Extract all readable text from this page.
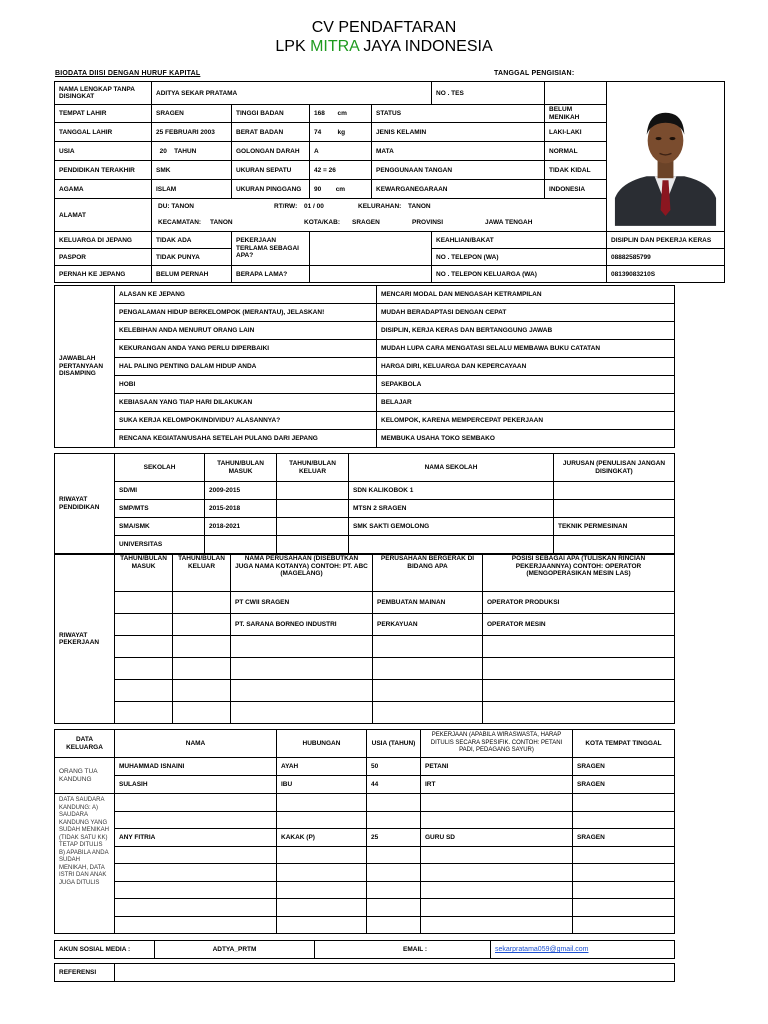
CV PENDAFTARAN
LPK MITRA JAYA INDONESIA
BIODATA DIISI DENGAN HURUF KAPITAL	TANGGAL PENGISIAN:
NAMA LENGKAP TANPA DISINGKAT	ADITYA SEKAR PRATAMA				NO . TES		

TEMPAT LAHIR	SRAGEN	TINGGI BADAN	168 cm	STATUS		BELUM MENIKAH	
TANGGAL LAHIR	25 FEBRUARI 2003	BERAT BADAN	74 kg	JENIS KELAMIN		LAKI-LAKI	
USIA	20 TAHUN	GOLONGAN DARAH	A	MATA		NORMAL	
PENDIDIKAN TERAKHIR	SMK	UKURAN SEPATU	42 = 26	PENGGUNAAN TANGAN		TIDAK KIDAL	
AGAMA	ISLAM	UKURAN PINGGANG	90 cm	KEWARGANEGARAAN		INDONESIA	
ALAMAT	DU: TANON RT/RW: 01 / 00 KELURAHAN: TANON
KECAMATAN: TANON KOTA/KAB: SRAGEN PROVINSI JAWA TENGAH						

KELUARGA DI JEPANG	TIDAK ADA	PEKERJAAN TERLAMA SEBAGAI APA?			KEAHLIAN/BAKAT		DISIPLIN DAN PEKERJA KERAS
PASPOR	TIDAK PUNYA				NO . TELEPON (WA)		08882585799
PERNAH KE JEPANG	BELUM PERNAH	BERAPA LAMA?			NO . TELEPON KELUARGA (WA)		08139083210S
JAWABLAH PERTANYAAN DISAMPING	ALASAN KE JEPANG	MENCARI MODAL DAN MENGASAH KETRAMPILAN
	PENGALAMAN HIDUP BERKELOMPOK (MERANTAU), JELASKAN!	MUDAH BERADAPTASI DENGAN CEPAT
	KELEBIHAN ANDA MENURUT ORANG LAIN	DISIPLIN, KERJA KERAS DAN BERTANGGUNG JAWAB
	KEKURANGAN ANDA YANG PERLU DIPERBAIKI	MUDAH LUPA CARA MENGATASI SELALU MEMBAWA BUKU CATATAN
	HAL PALING PENTING DALAM HIDUP ANDA	HARGA DIRI, KELUARGA DAN KEPERCAYAAN
	HOBI	SEPAKBOLA
	KEBIASAAN YANG TIAP HARI DILAKUKAN	BELAJAR
	SUKA KERJA KELOMPOK/INDIVIDU? ALASANNYA?	KELOMPOK, KARENA MEMPERCEPAT PEKERJAAN
	RENCANA KEGIATAN/USAHA SETELAH PULANG DARI JEPANG	MEMBUKA USAHA TOKO SEMBAKO
RIWAYAT PENDIDIKAN	SEKOLAH	TAHUN/BULAN MASUK	TAHUN/BULAN KELUAR	NAMA SEKOLAH	JURUSAN (PENULISAN JANGAN DISINGKAT)
	SD/MI	2009-2015		SDN KALIKOBOK 1	
	SMP/MTS	2015-2018		MTSN 2 SRAGEN	
	SMA/SMK	2018-2021		SMK SAKTI GEMOLONG	TEKNIK PERMESINAN
	UNIVERSITAS				
RIWAYAT PEKERJAAN	TAHUN/BULAN MASUK	TAHUN/BULAN KELUAR	NAMA PERUSAHAAN (DISEBUTKAN JUGA NAMA KOTANYA) CONTOH: PT. ABC (MAGELANG)	PERUSAHAAN BERGERAK DI BIDANG APA	POSISI SEBAGAI APA (TULISKAN RINCIAN PEKERJAANNYA) CONTOH: OPERATOR (MENGOPERASIKAN MESIN LAS)
			PT CWII SRAGEN	PEMBUATAN MAINAN	OPERATOR PRODUKSI
			PT. SARANA BORNEO INDUSTRI	PERKAYUAN	OPERATOR MESIN

DATA KELUARGA	NAMA	HUBUNGAN	USIA (TAHUN)	PEKERJAAN (APABILA WIRASWASTA, HARAP DITULIS SECARA SPESIFIK. CONTOH: PETANI PADI, PEDAGANG SAYUR)	KOTA TEMPAT TINGGAL
ORANG TUA KANDUNG	MUHAMMAD ISNAINI	AYAH	50	PETANI	SRAGEN
	SULASIH	IBU	44	IRT	SRAGEN
DATA SAUDARA KANDUNG: A) SAUDARA KANDUNG YANG SUDAH MENIKAH (TIDAK SATU KK) TETAP DITULIS B) APABILA ANDA SUDAH MENIKAH, DATA ISTRI DAN ANAK JUGA DITULIS					

	ANY FITRIA	KAKAK (P)	25	GURU SD	SRAGEN

AKUN SOSIAL MEDIA :	ADTYA_PRTM	EMAIL :	sekarpratama059@gmail.com
REFERENSI	
